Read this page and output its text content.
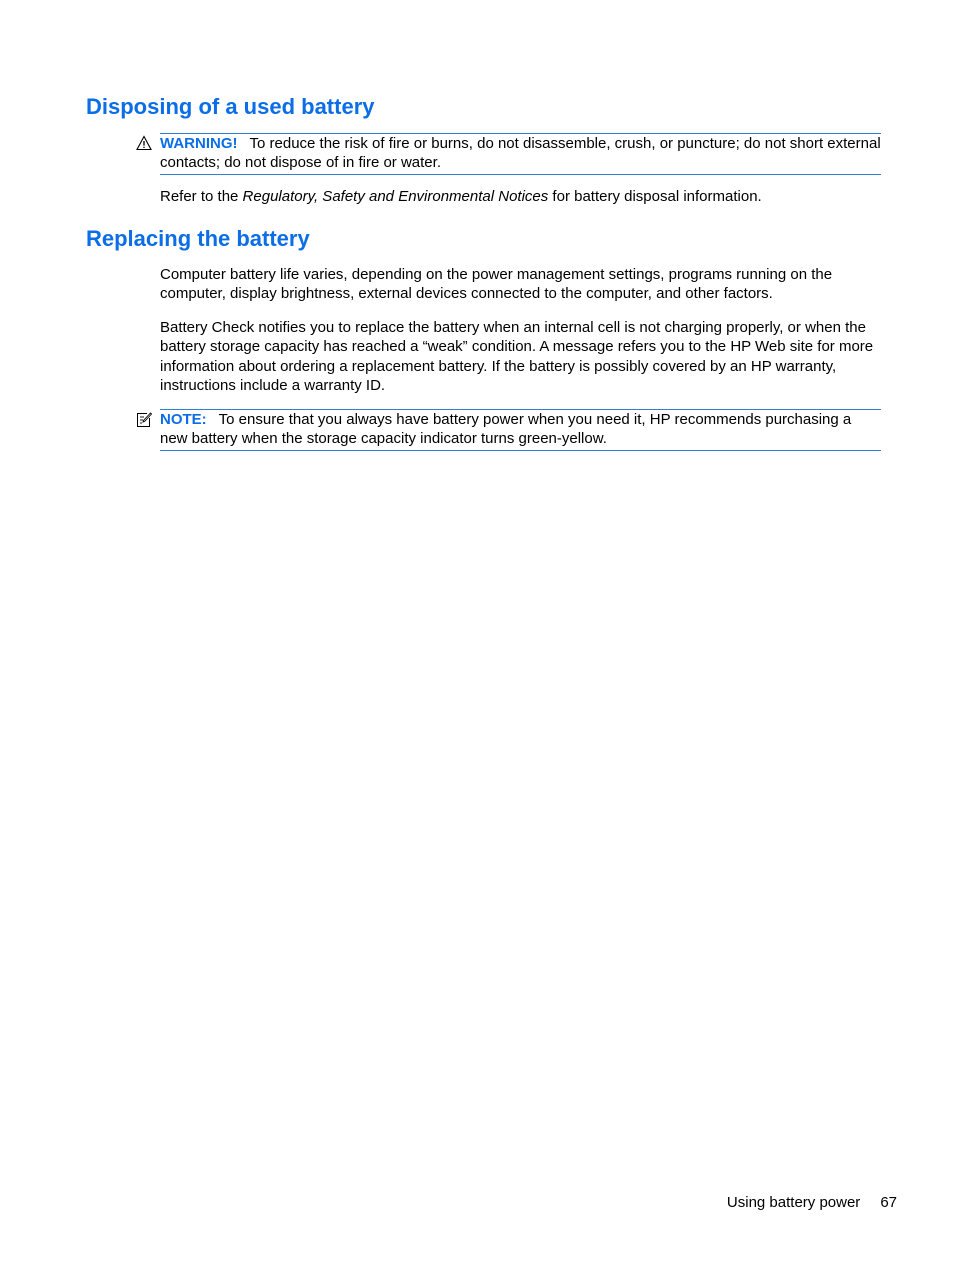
Disposing of a used battery
WARNING! To reduce the risk of fire or burns, do not disassemble, crush, or puncture; do not short external contacts; do not dispose of in fire or water.

Refer to the Regulatory, Safety and Environmental Notices for battery disposal information.

Replacing the battery

Computer battery life varies, depending on the power management settings, programs running on the computer, display brightness, external devices connected to the computer, and other factors.

Battery Check notifies you to replace the battery when an internal cell is not charging properly, or when the battery storage capacity has reached a “weak” condition. A message refers you to the HP Web site for more information about ordering a replacement battery. If the battery is possibly covered by an HP warranty, instructions include a warranty ID.

NOTE: To ensure that you always have battery power when you need it, HP recommends purchasing a new battery when the storage capacity indicator turns green-yellow.
Using battery power 67
